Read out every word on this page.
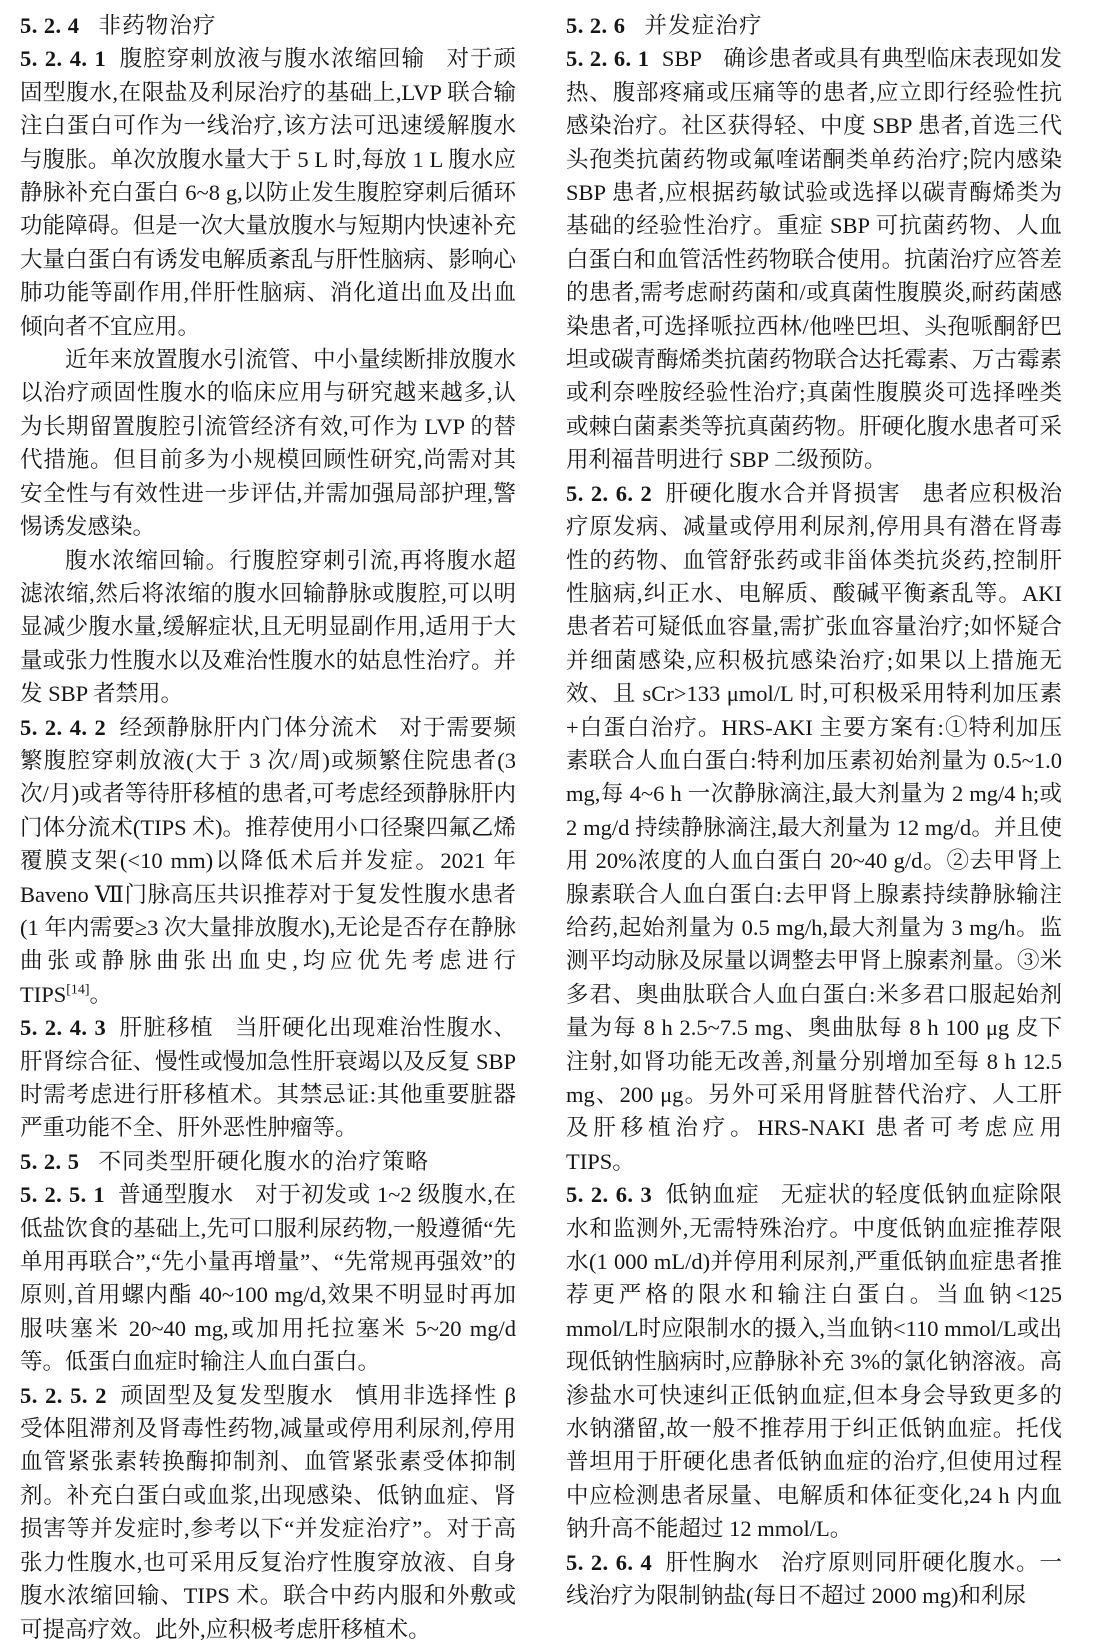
5. 2. 4 非药物治疗

5. 2. 4. 1 腹腔穿刺放液与腹水浓缩回输 对于顽固型腹水,在限盐及利尿治疗的基础上,LVP 联合输注白蛋白可作为一线治疗,该方法可迅速缓解腹水与腹胀。单次放腹水量大于 5 L 时,每放 1 L 腹水应静脉补充白蛋白 6~8 g,以防止发生腹腔穿刺后循环功能障碍。但是一次大量放腹水与短期内快速补充大量白蛋白有诱发电解质紊乱与肝性脑病、影响心肺功能等副作用,伴肝性脑病、消化道出血及出血倾向者不宜应用。

近年来放置腹水引流管、中小量续断排放腹水以治疗顽固性腹水的临床应用与研究越来越多,认为长期留置腹腔引流管经济有效,可作为 LVP 的替代措施。但目前多为小规模回顾性研究,尚需对其安全性与有效性进一步评估,并需加强局部护理,警惕诱发感染。

腹水浓缩回输。行腹腔穿刺引流,再将腹水超滤浓缩,然后将浓缩的腹水回输静脉或腹腔,可以明显减少腹水量,缓解症状,且无明显副作用,适用于大量或张力性腹水以及难治性腹水的姑息性治疗。并发 SBP 者禁用。

5. 2. 4. 2 经颈静脉肝内门体分流术 对于需要频繁腹腔穿刺放液(大于 3 次/周)或频繁住院患者(3 次/月)或者等待肝移植的患者,可考虑经颈静脉肝内门体分流术(TIPS 术)。推荐使用小口径聚四氟乙烯覆膜支架(<10 mm)以降低术后并发症。2021 年 Baveno Ⅶ门脉高压共识推荐对于复发性腹水患者(1 年内需要≥3 次大量排放腹水),无论是否存在静脉曲张或静脉曲张出血史,均应优先考虑进行 TIPS[14]。

5. 2. 4. 3 肝脏移植 当肝硬化出现难治性腹水、肝肾综合征、慢性或慢加急性肝衰竭以及反复 SBP 时需考虑进行肝移植术。其禁忌证:其他重要脏器严重功能不全、肝外恶性肿瘤等。

5. 2. 5 不同类型肝硬化腹水的治疗策略

5. 2. 5. 1 普通型腹水 对于初发或 1~2 级腹水,在低盐饮食的基础上,先可口服利尿药物,一般遵循“先单用再联合”,“先小量再增量”、“先常规再强效”的原则,首用螺内酯 40~100 mg/d,效果不明显时再加服呋塞米 20~40 mg,或加用托拉塞米 5~20 mg/d 等。低蛋白血症时输注人血白蛋白。

5. 2. 5. 2 顽固型及复发型腹水 慎用非选择性 β 受体阻滞剂及肾毒性药物,减量或停用利尿剂,停用血管紧张素转换酶抑制剂、血管紧张素受体抑制剂。补充白蛋白或血浆,出现感染、低钠血症、肾损害等并发症时,参考以下“并发症治疗”。对于高张力性腹水,也可采用反复治疗性腹穿放液、自身腹水浓缩回输、TIPS 术。联合中药内服和外敷或可提高疗效。此外,应积极考虑肝移植术。

5. 2. 6 并发症治疗

5. 2. 6. 1 SBP 确诊患者或具有典型临床表现如发热、腹部疼痛或压痛等的患者,应立即行经验性抗感染治疗。社区获得轻、中度 SBP 患者,首选三代头孢类抗菌药物或氟喹诺酮类单药治疗;院内感染 SBP 患者,应根据药敏试验或选择以碳青酶烯类为基础的经验性治疗。重症 SBP 可抗菌药物、人血白蛋白和血管活性药物联合使用。抗菌治疗应答差的患者,需考虑耐药菌和/或真菌性腹膜炎,耐药菌感染患者,可选择哌拉西林/他唑巴坦、头孢哌酮舒巴坦或碳青酶烯类抗菌药物联合达托霉素、万古霉素或利奈唑胺经验性治疗;真菌性腹膜炎可选择唑类或棘白菌素类等抗真菌药物。肝硬化腹水患者可采用利福昔明进行 SBP 二级预防。

5. 2. 6. 2 肝硬化腹水合并肾损害 患者应积极治疗原发病、减量或停用利尿剂,停用具有潜在肾毒性的药物、血管舒张药或非甾体类抗炎药,控制肝性脑病,纠正水、电解质、酸碱平衡紊乱等。AKI 患者若可疑低血容量,需扩张血容量治疗;如怀疑合并细菌感染,应积极抗感染治疗;如果以上措施无效、且 sCr>133 μmol/L 时,可积极采用特利加压素+白蛋白治疗。HRS-AKI 主要方案有:①特利加压素联合人血白蛋白:特利加压素初始剂量为 0.5~1.0 mg,每 4~6 h 一次静脉滴注,最大剂量为 2 mg/4 h;或 2 mg/d 持续静脉滴注,最大剂量为 12 mg/d。并且使用 20%浓度的人血白蛋白 20~40 g/d。②去甲肾上腺素联合人血白蛋白:去甲肾上腺素持续静脉输注给药,起始剂量为 0.5 mg/h,最大剂量为 3 mg/h。监测平均动脉及尿量以调整去甲肾上腺素剂量。③米多君、奥曲肽联合人血白蛋白:米多君口服起始剂量为每 8 h 2.5~7.5 mg、奥曲肽每 8 h 100 μg 皮下注射,如肾功能无改善,剂量分别增加至每 8 h 12.5 mg、200 μg。另外可采用肾脏替代治疗、人工肝及肝移植治疗。HRS-NAKI 患者可考虑应用 TIPS。

5. 2. 6. 3 低钠血症 无症状的轻度低钠血症除限水和监测外,无需特殊治疗。中度低钠血症推荐限水(1 000 mL/d)并停用利尿剂,严重低钠血症患者推荐更严格的限水和输注白蛋白。当血钠<125 mmol/L时应限制水的摄入,当血钠<110 mmol/L或出现低钠性脑病时,应静脉补充 3%的氯化钠溶液。高渗盐水可快速纠正低钠血症,但本身会导致更多的水钠潴留,故一般不推荐用于纠正低钠血症。托伐普坦用于肝硬化患者低钠血症的治疗,但使用过程中应检测患者尿量、电解质和体征变化,24 h 内血钠升高不能超过 12 mmol/L。

5. 2. 6. 4 肝性胸水 治疗原则同肝硬化腹水。一线治疗为限制钠盐(每日不超过 2000 mg)和利尿
